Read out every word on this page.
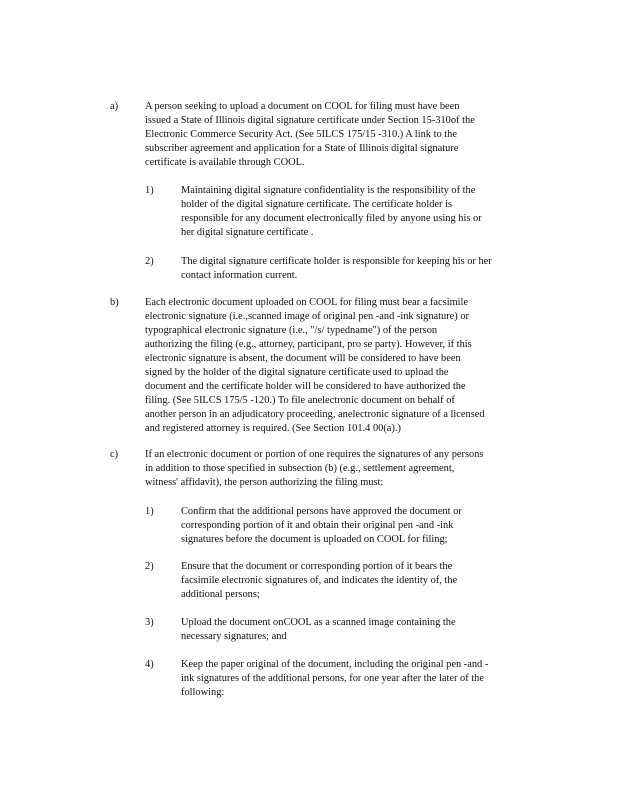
a)	A person seeking to upload a document on COOL for filing must have been
issued a State of Illinois digital signature certificate under Section 15-310of the
Electronic Commerce Security Act. (See 5ILCS 175/15 -310.) A link to the
subscriber agreement and application for a State of Illinois digital signature
certificate is available through COOL.
1)	Maintaining digital signature confidentiality is the responsibility of the
holder of the digital signature certificate. The certificate holder is
responsible for any document electronically filed by anyone using his or
her digital signature certificate .
2)	The digital signature certificate holder is responsible for keeping his or her
contact information current.
b)	Each electronic document uploaded on COOL for filing must bear a facsimile
electronic signature (i.e.,scanned image of original pen -and -ink signature) or
typographical electronic signature (i.e., "/s/ typedname") of the person
authorizing the filing (e.g., attorney, participant, pro se party). However, if this
electronic signature is absent, the document will be considered to have been
signed by the holder of the digital signature certificate used to upload the
document and the certificate holder will be considered to have authorized the
filing. (See 5ILCS 175/5 -120.) To file anelectronic document on behalf of
another person in an adjudicatory proceeding, anelectronic signature of a licensed
and registered attorney is required. (See Section 101.4 00(a).)
c)	If an electronic document or portion of one requires the signatures of any persons
in addition to those specified in subsection (b) (e.g., settlement agreement,
witness' affidavit), the person authorizing the filing must:
1)	Confirm that the additional persons have approved the document or
corresponding portion of it and obtain their original pen -and -ink
signatures before the document is uploaded on COOL for filing;
2)	Ensure that the document or corresponding portion of it bears the
facsimile electronic signatures of, and indicates the identity of, the
additional persons;
3)	Upload the document onCOOL as a scanned image containing the
necessary signatures; and
4)	Keep the paper original of the document, including the original pen -and -
ink signatures of the additional persons, for one year after the later of the
following:
